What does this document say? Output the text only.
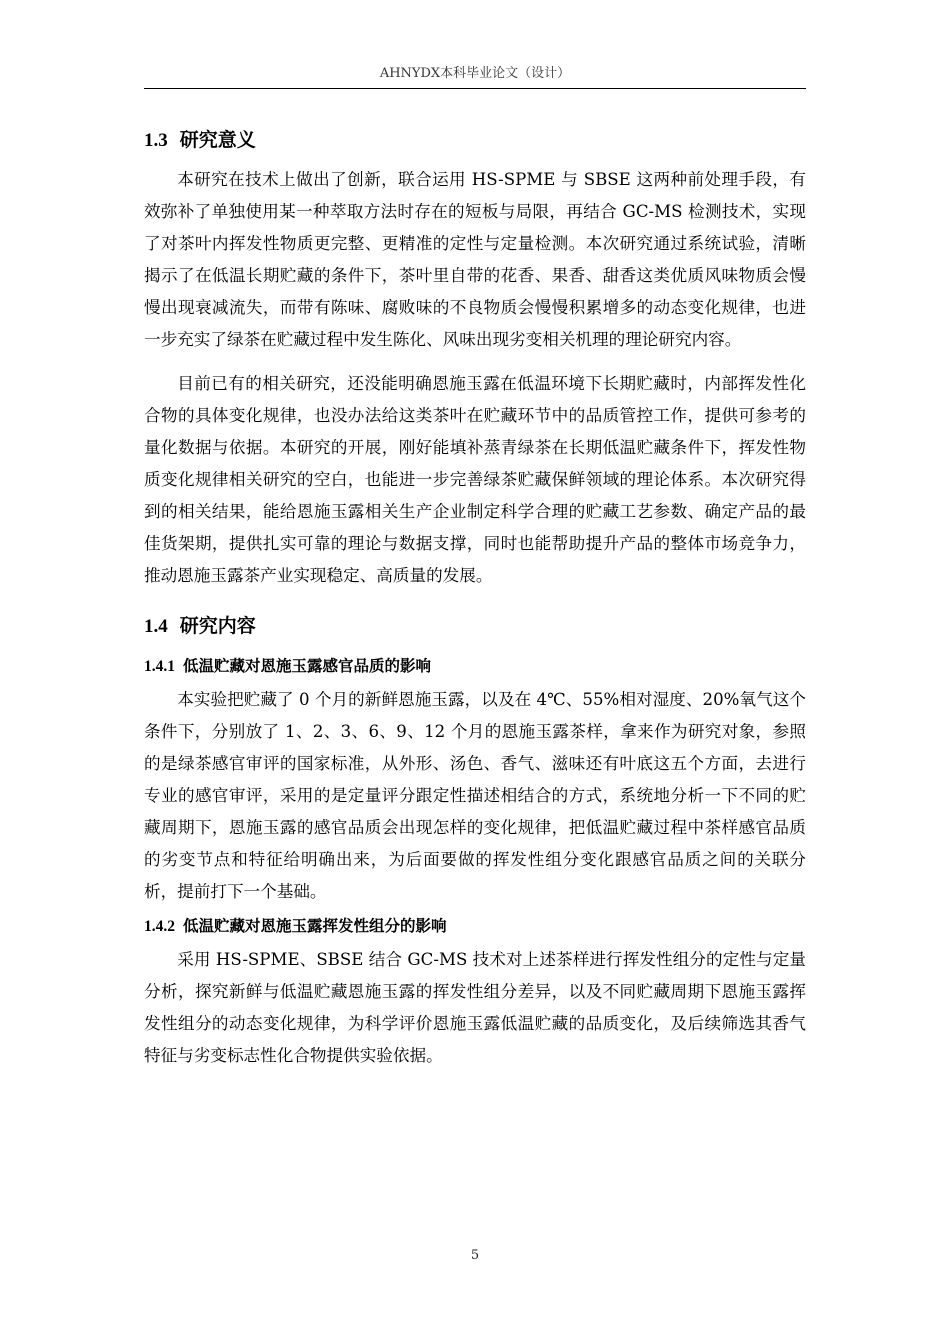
AHNYDX本科毕业论文（设计）
1.3 研究意义

本研究在技术上做出了创新，联合运用 HS-SPME 与 SBSE 这两种前处理手段，有效弥补了单独使用某一种萃取方法时存在的短板与局限，再结合 GC-MS 检测技术，实现了对茶叶内挥发性物质更完整、更精准的定性与定量检测。本次研究通过系统试验，清晰揭示了在低温长期贮藏的条件下，茶叶里自带的花香、果香、甜香这类优质风味物质会慢慢出现衰减流失，而带有陈味、腐败味的不良物质会慢慢积累增多的动态变化规律，也进一步充实了绿茶在贮藏过程中发生陈化、风味出现劣变相关机理的理论研究内容。

目前已有的相关研究，还没能明确恩施玉露在低温环境下长期贮藏时，内部挥发性化合物的具体变化规律，也没办法给这类茶叶在贮藏环节中的品质管控工作，提供可参考的量化数据与依据。本研究的开展，刚好能填补蒸青绿茶在长期低温贮藏条件下，挥发性物质变化规律相关研究的空白，也能进一步完善绿茶贮藏保鲜领域的理论体系。本次研究得到的相关结果，能给恩施玉露相关生产企业制定科学合理的贮藏工艺参数、确定产品的最佳货架期，提供扎实可靠的理论与数据支撑，同时也能帮助提升产品的整体市场竞争力，推动恩施玉露茶产业实现稳定、高质量的发展。

1.4 研究内容
1.4.1 低温贮藏对恩施玉露感官品质的影响

本实验把贮藏了 0 个月的新鲜恩施玉露，以及在 4℃、55%相对湿度、20%氧气这个条件下，分别放了 1、2、3、6、9、12 个月的恩施玉露茶样，拿来作为研究对象，参照的是绿茶感官审评的国家标准，从外形、汤色、香气、滋味还有叶底这五个方面，去进行专业的感官审评，采用的是定量评分跟定性描述相结合的方式，系统地分析一下不同的贮藏周期下，恩施玉露的感官品质会出现怎样的变化规律，把低温贮藏过程中茶样感官品质的劣变节点和特征给明确出来，为后面要做的挥发性组分变化跟感官品质之间的关联分析，提前打下一个基础。

1.4.2 低温贮藏对恩施玉露挥发性组分的影响

采用 HS-SPME、SBSE 结合 GC-MS 技术对上述茶样进行挥发性组分的定性与定量分析，探究新鲜与低温贮藏恩施玉露的挥发性组分差异，以及不同贮藏周期下恩施玉露挥发性组分的动态变化规律，为科学评价恩施玉露低温贮藏的品质变化，及后续筛选其香气特征与劣变标志性化合物提供实验依据。

5
